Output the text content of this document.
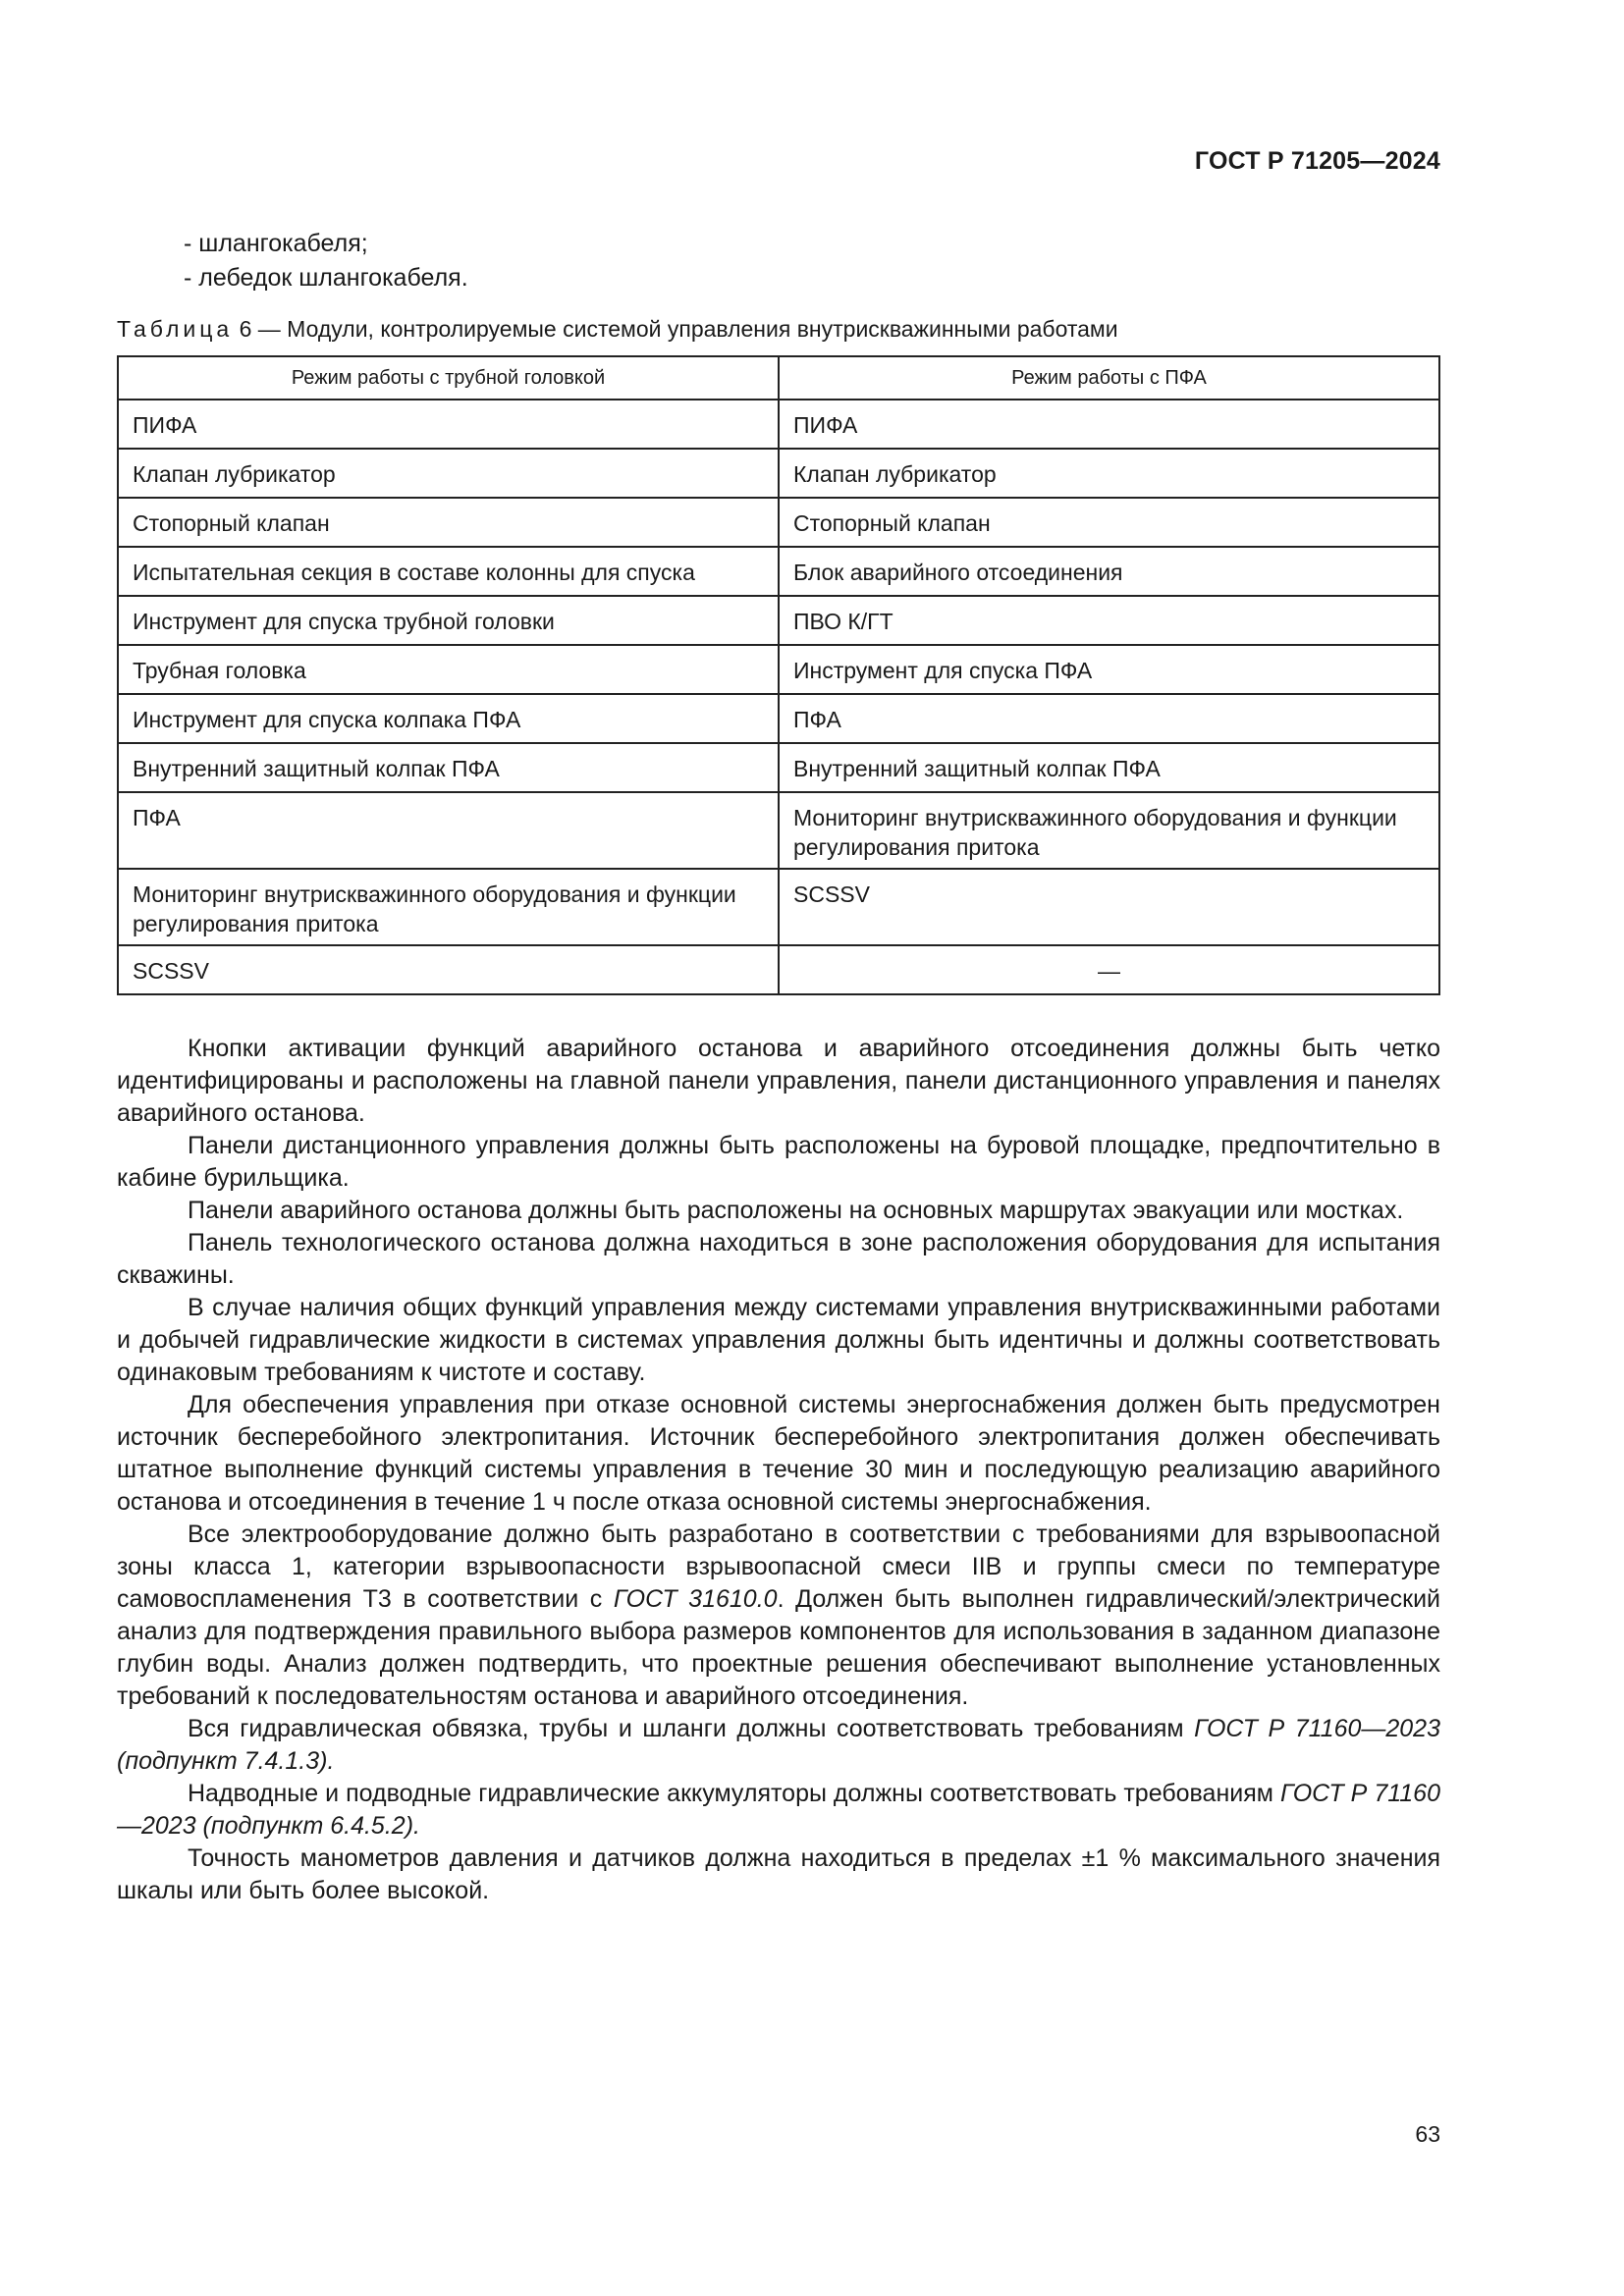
ГОСТ Р 71205—2024
- шлангокабеля;
- лебедок шлангокабеля.
Таблица 6 — Модули, контролируемые системой управления внутрискважинными работами
Режим работы с трубной головкой	Режим работы с ПФА
ПИФА	ПИФА
Клапан лубрикатор	Клапан лубрикатор
Стопорный клапан	Стопорный клапан
Испытательная секция в составе колонны для спуска	Блок аварийного отсоединения
Инструмент для спуска трубной головки	ПВО К/ГТ
Трубная головка	Инструмент для спуска ПФА
Инструмент для спуска колпака ПФА	ПФА
Внутренний защитный колпак ПФА	Внутренний защитный колпак ПФА
ПФА	Мониторинг внутрискважинного оборудования и функции регулирования притока
Мониторинг внутрискважинного оборудования и функции регулирования притока	SCSSV
SCSSV	—

Кнопки активации функций аварийного останова и аварийного отсоединения должны быть четко идентифицированы и расположены на главной панели управления, панели дистанционного управления и панелях аварийного останова.

Панели дистанционного управления должны быть расположены на буровой площадке, предпочтительно в кабине бурильщика.

Панели аварийного останова должны быть расположены на основных маршрутах эвакуации или мостках.

Панель технологического останова должна находиться в зоне расположения оборудования для испытания скважины.

В случае наличия общих функций управления между системами управления внутрискважинными работами и добычей гидравлические жидкости в системах управления должны быть идентичны и должны соответствовать одинаковым требованиям к чистоте и составу.

Для обеспечения управления при отказе основной системы энергоснабжения должен быть предусмотрен источник бесперебойного электропитания. Источник бесперебойного электропитания должен обеспечивать штатное выполнение функций системы управления в течение 30 мин и последующую реализацию аварийного останова и отсоединения в течение 1 ч после отказа основной системы энергоснабжения.

Все электрооборудование должно быть разработано в соответствии с требованиями для взрывоопасной зоны класса 1, категории взрывоопасности взрывоопасной смеси IIB и группы смеси по температуре самовоспламенения Т3 в соответствии с ГОСТ 31610.0. Должен быть выполнен гидравлический/электрический анализ для подтверждения правильного выбора размеров компонентов для использования в заданном диапазоне глубин воды. Анализ должен подтвердить, что проектные решения обеспечивают выполнение установленных требований к последовательностям останова и аварийного отсоединения.

Вся гидравлическая обвязка, трубы и шланги должны соответствовать требованиям ГОСТ Р 71160—2023 (подпункт 7.4.1.3).

Надводные и подводные гидравлические аккумуляторы должны соответствовать требованиям ГОСТ Р 71160—2023 (подпункт 6.4.5.2).

Точность манометров давления и датчиков должна находиться в пределах ±1 % максимального значения шкалы или быть более высокой.

63
